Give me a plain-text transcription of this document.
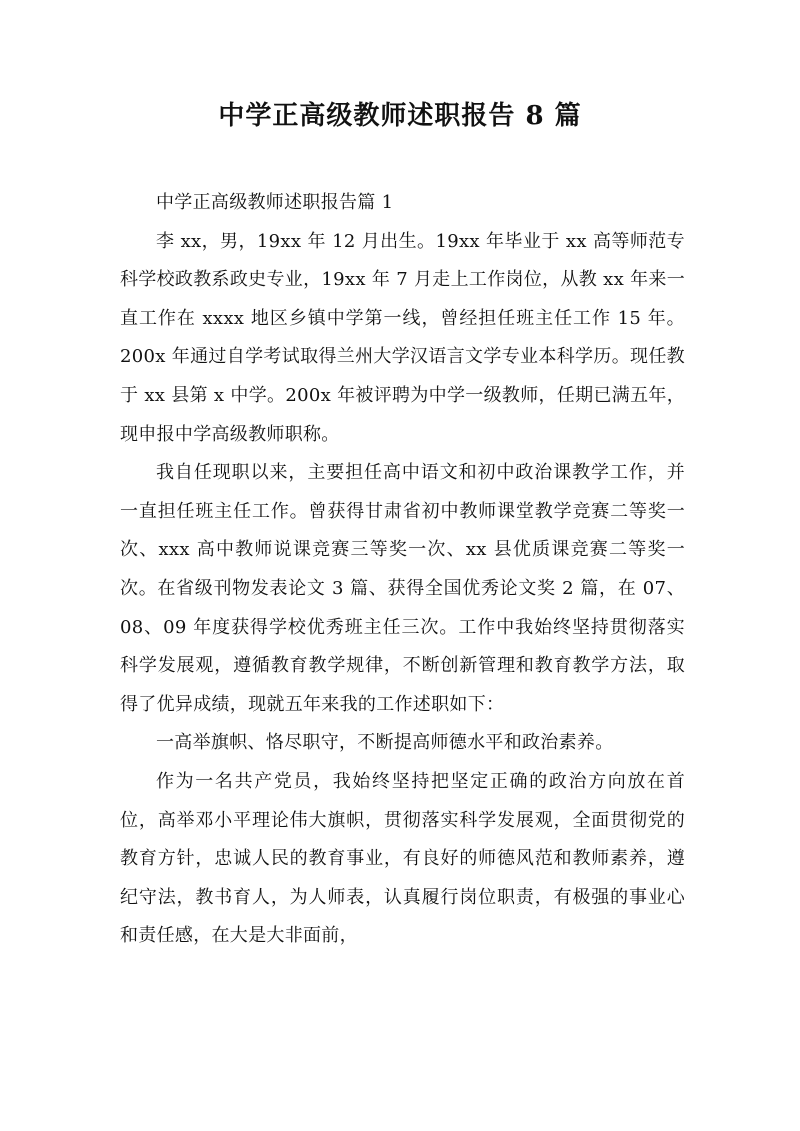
中学正高级教师述职报告 8 篇

中学正高级教师述职报告篇 1

李 xx，男，19xx 年 12 月出生。19xx 年毕业于 xx 高等师范专科学校政教系政史专业，19xx 年 7 月走上工作岗位，从教 xx 年来一直工作在 xxxx 地区乡镇中学第一线，曾经担任班主任工作 15 年。200x 年通过自学考试取得兰州大学汉语言文学专业本科学历。现任教于 xx 县第 x 中学。200x 年被评聘为中学一级教师，任期已满五年，现申报中学高级教师职称。

我自任现职以来，主要担任高中语文和初中政治课教学工作，并一直担任班主任工作。曾获得甘肃省初中教师课堂教学竞赛二等奖一次、xxx 高中教师说课竞赛三等奖一次、xx 县优质课竞赛二等奖一次。在省级刊物发表论文 3 篇、获得全国优秀论文奖 2 篇，在 07、08、09 年度获得学校优秀班主任三次。工作中我始终坚持贯彻落实科学发展观，遵循教育教学规律，不断创新管理和教育教学方法，取得了优异成绩，现就五年来我的工作述职如下：

一高举旗帜、恪尽职守，不断提高师德水平和政治素养。

作为一名共产党员，我始终坚持把坚定正确的政治方向放在首位，高举邓小平理论伟大旗帜，贯彻落实科学发展观，全面贯彻党的教育方针，忠诚人民的教育事业，有良好的师德风范和教师素养，遵纪守法，教书育人，为人师表，认真履行岗位职责，有极强的事业心和责任感，在大是大非面前，
